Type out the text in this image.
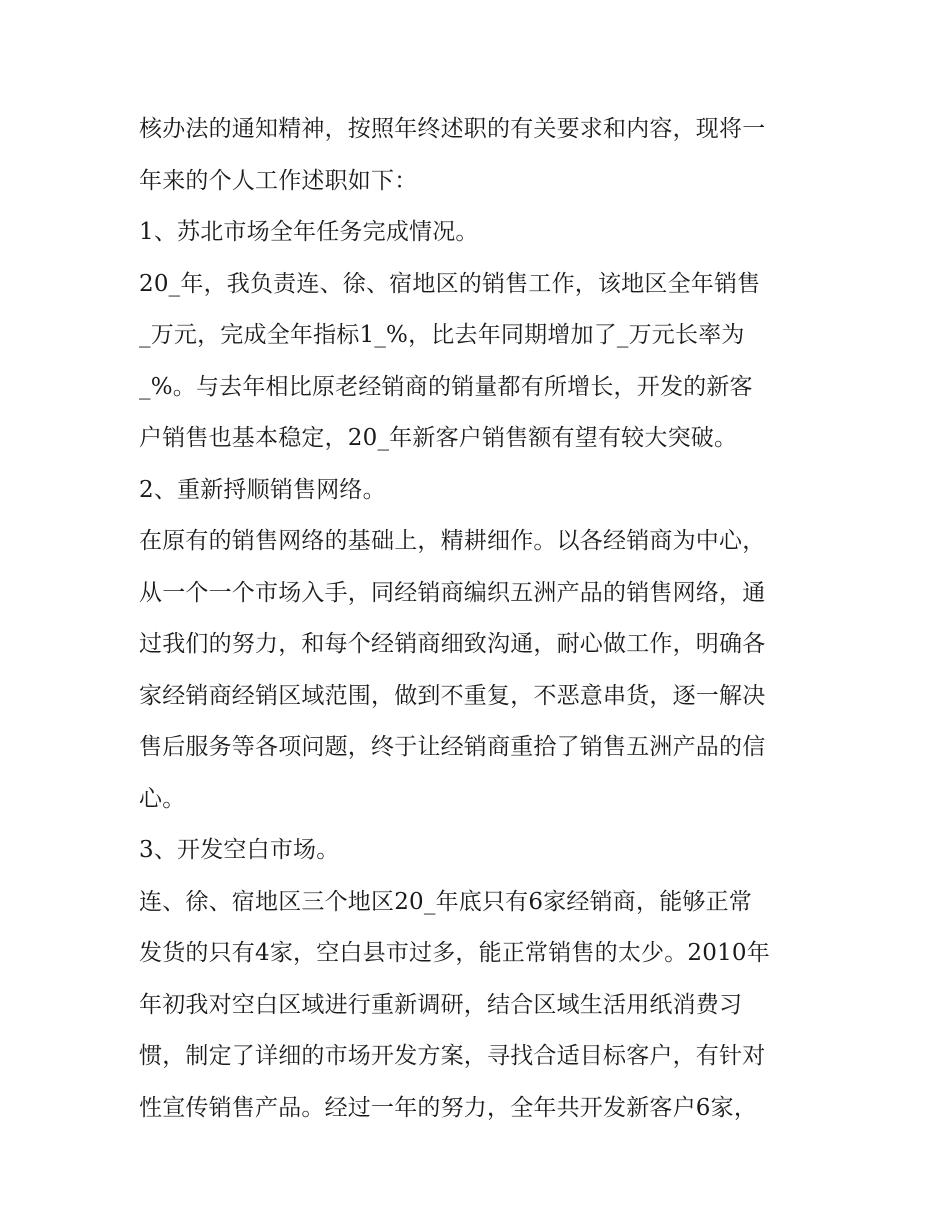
核办法的通知精神，按照年终述职的有关要求和内容，现将一
年来的个人工作述职如下：
1、苏北市场全年任务完成情况。
20_年，我负责连、徐、宿地区的销售工作，该地区全年销售
_万元，完成全年指标1_%，比去年同期增加了_万元长率为
_%。与去年相比原老经销商的销量都有所增长，开发的新客
户销售也基本稳定，20_年新客户销售额有望有较大突破。
2、重新捋顺销售网络。
在原有的销售网络的基础上，精耕细作。以各经销商为中心，
从一个一个市场入手，同经销商编织五洲产品的销售网络，通
过我们的努力，和每个经销商细致沟通，耐心做工作，明确各
家经销商经销区域范围，做到不重复，不恶意串货，逐一解决
售后服务等各项问题，终于让经销商重拾了销售五洲产品的信
心。
3、开发空白市场。
连、徐、宿地区三个地区20_年底只有6家经销商，能够正常
发货的只有4家，空白县市过多，能正常销售的太少。2010年
年初我对空白区域进行重新调研，结合区域生活用纸消费习
惯，制定了详细的市场开发方案，寻找合适目标客户，有针对
性宣传销售产品。经过一年的努力，全年共开发新客户6家，
